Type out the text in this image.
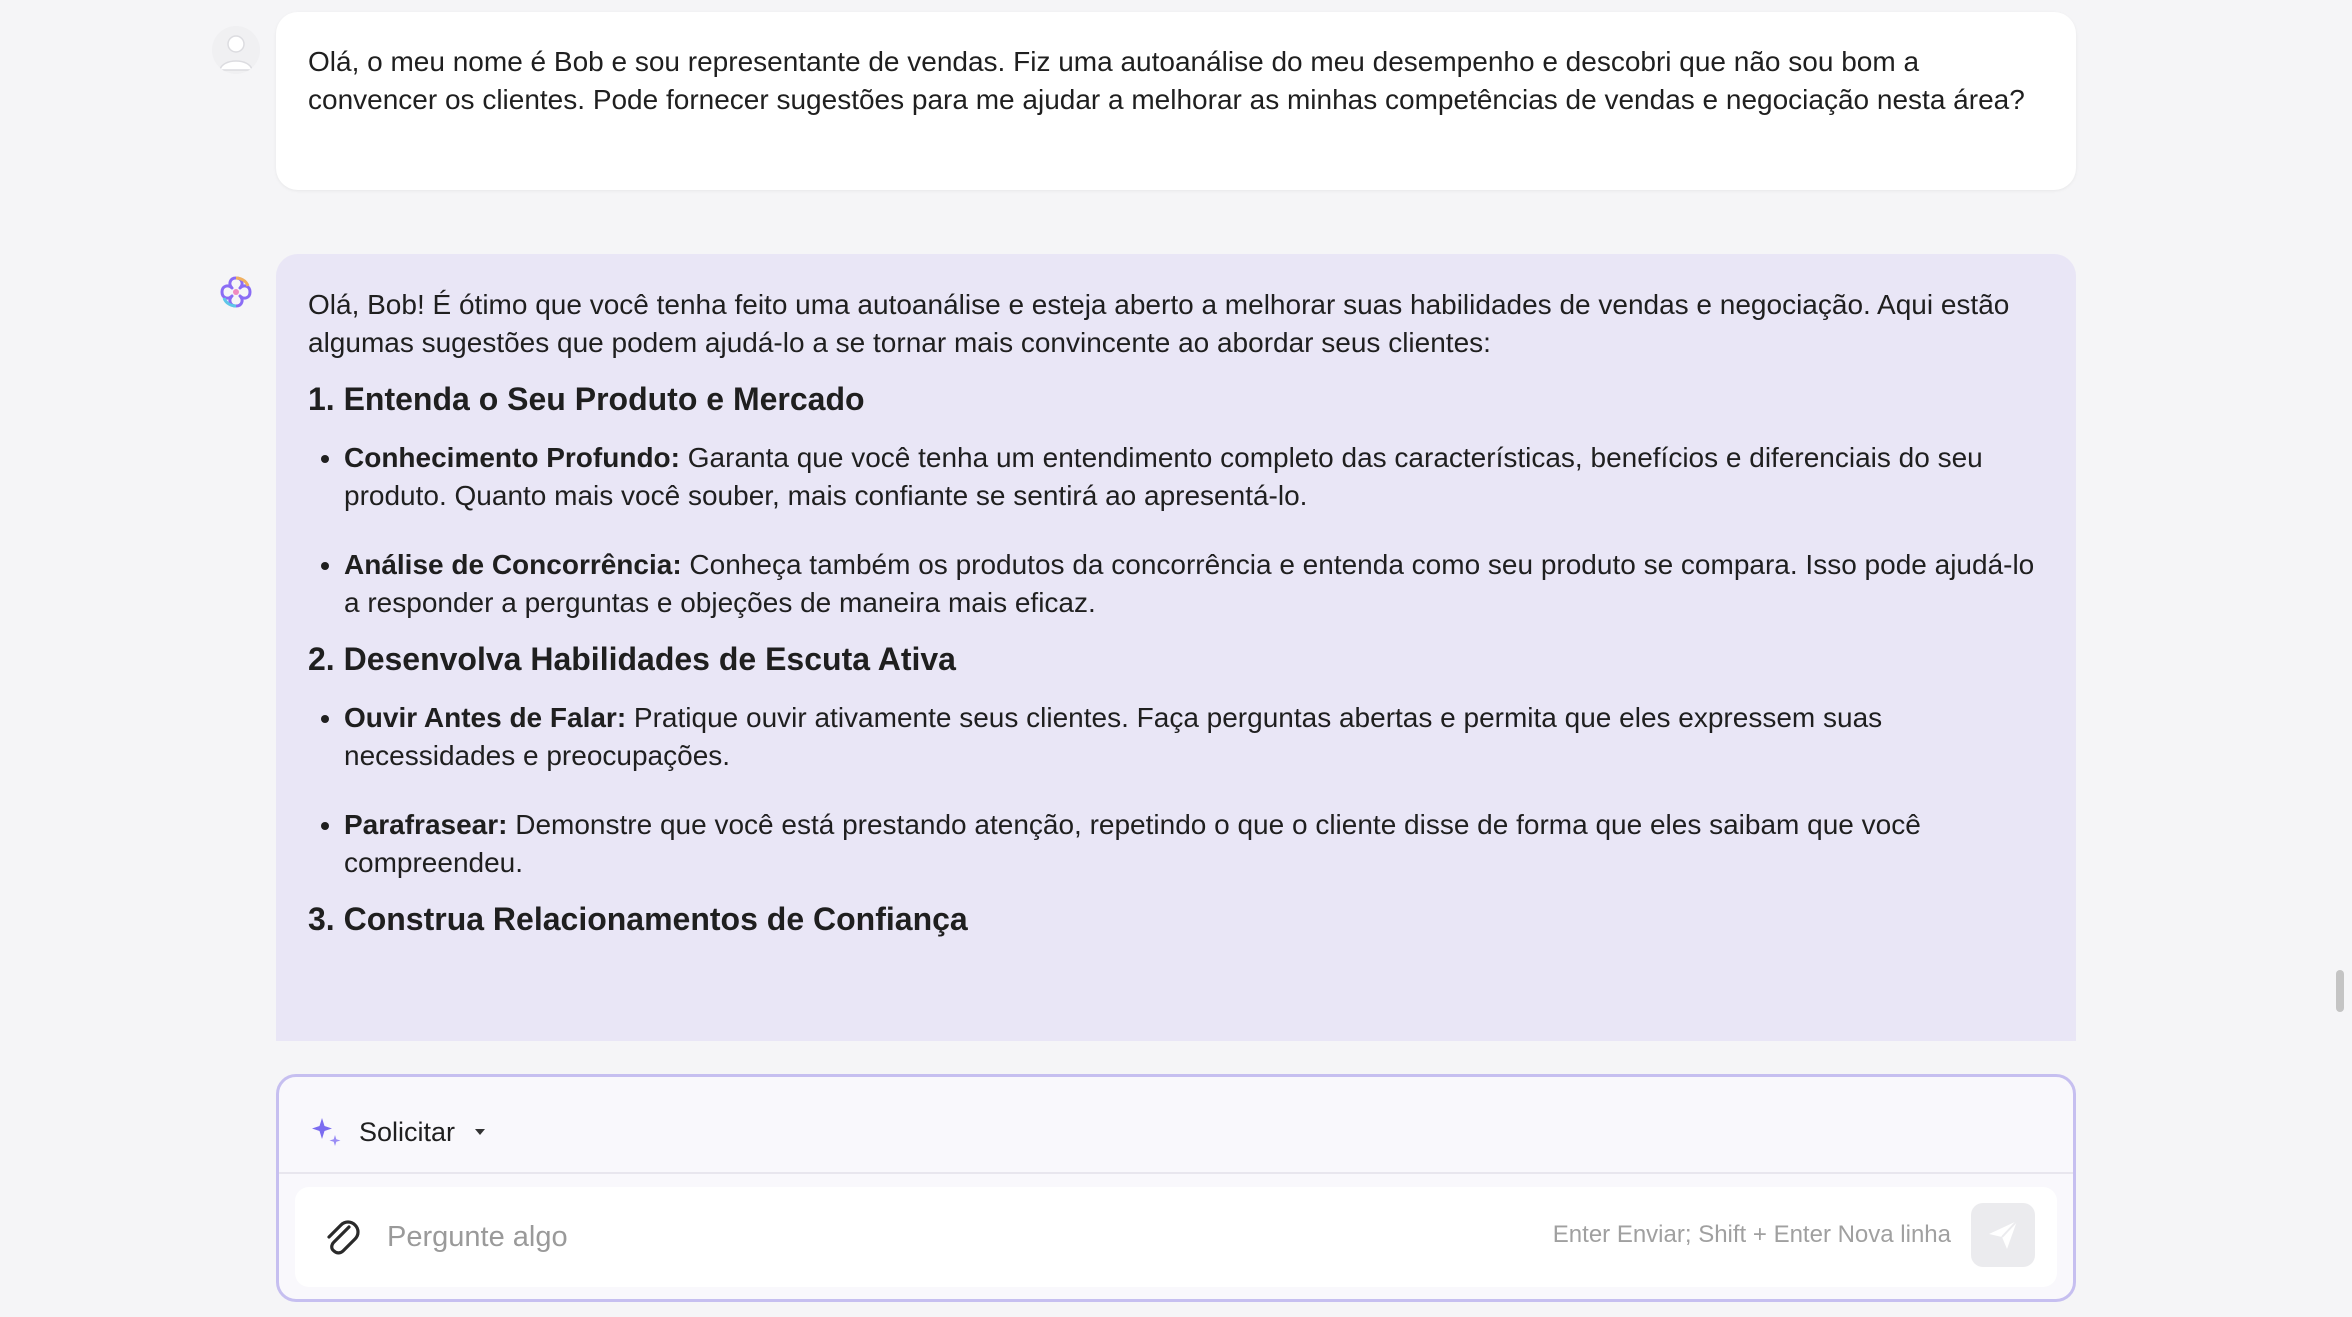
Olá, o meu nome é Bob e sou representante de vendas. Fiz uma autoanálise do meu desempenho e descobri que não sou bom a convencer os clientes. Pode fornecer sugestões para me ajudar a melhorar as minhas competências de vendas e negociação nesta área?

Olá, Bob! É ótimo que você tenha feito uma autoanálise e esteja aberto a melhorar suas habilidades de vendas e negociação. Aqui estão algumas sugestões que podem ajudá-lo a se tornar mais convincente ao abordar seus clientes:

1. Entenda o Seu Produto e Mercado
• Conhecimento Profundo: Garanta que você tenha um entendimento completo das características, benefícios e diferenciais do seu produto. Quanto mais você souber, mais confiante se sentirá ao apresentá-lo.
• Análise de Concorrência: Conheça também os produtos da concorrência e entenda como seu produto se compara. Isso pode ajudá-lo a responder a perguntas e objeções de maneira mais eficaz.
2. Desenvolva Habilidades de Escuta Ativa
• Ouvir Antes de Falar: Pratique ouvir ativamente seus clientes. Faça perguntas abertas e permita que eles expressem suas necessidades e preocupações.
• Parafrasear: Demonstre que você está prestando atenção, repetindo o que o cliente disse de forma que eles saibam que você compreendeu.
3. Construa Relacionamentos de Confiança
Solicitar
Pergunte algo
Enter Enviar; Shift + Enter Nova linha
